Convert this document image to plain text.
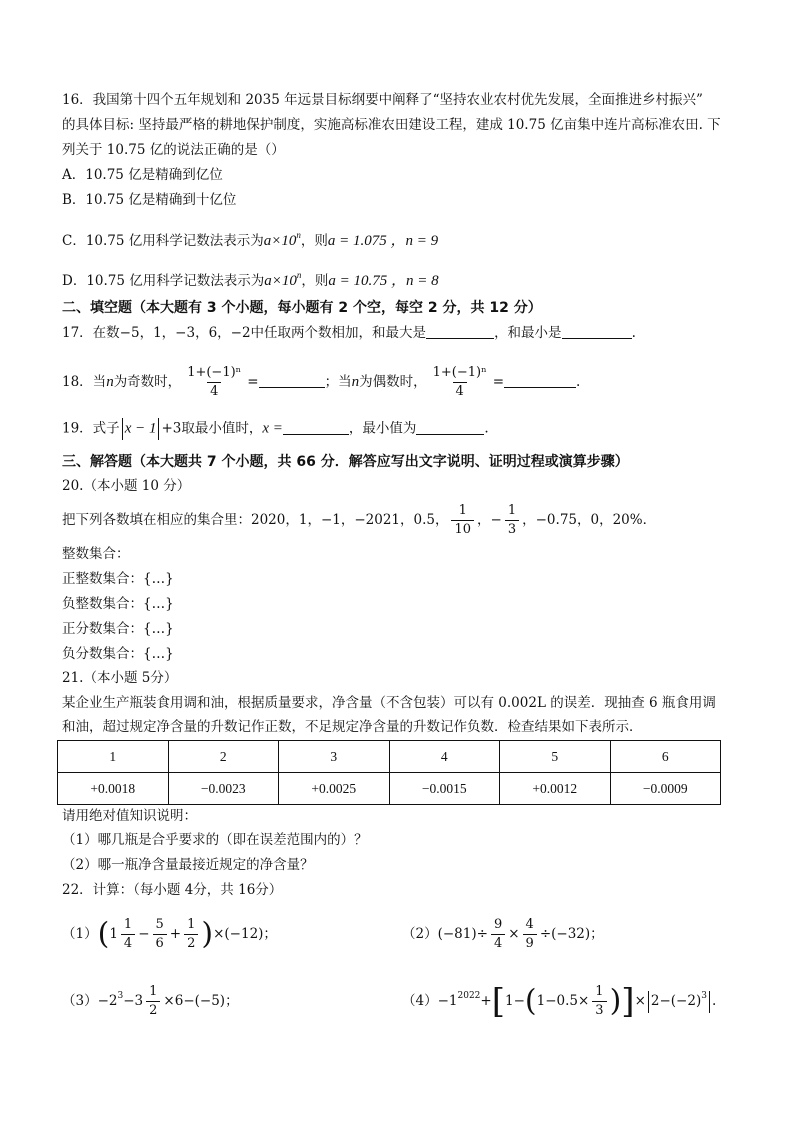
16．我国第十四个五年规划和 2035 年远景目标纲要中阐释了“坚持农业农村优先发展，全面推进乡村振兴”
的具体目标: 坚持最严格的耕地保护制度，实施高标准农田建设工程，建成 10.75 亿亩集中连片高标准农田. 下
列关于 10.75 亿的说法正确的是（）
A．10.75 亿是精确到亿位
B．10.75 亿是精确到十亿位
C．10.75 亿用科学记数法表示为$a\times 10^n$，则a = 1.075 ，n = 9
D．10.75 亿用科学记数法表示为$a\times 10^n$，则a = 10.75 ，n = 8
二、填空题（本大题有 3 个小题，每小题有 2 个空，每空 2 分，共 12 分）
17．在数−5，1，−3，6，−2中任取两个数相加，和最大是	，和最小是	.
18．当n为奇数时， $\frac{\text{1+(−1)ⁿ}}{4}$ =	；当n为偶数时， $\frac{\text{1+(−1)ⁿ}}{4}$ =	.
19．式子 x − 1 +3取最小值时，x =	，最小值为	.
三、解答题（本大题共 7 个小题，共 66 分．解答应写出文字说明、证明过程或演算步骤）
20.（本小题 10 分）
把下列各数填在相应的集合里：2020，1，−1，−2021，0.5， $\frac{1}{10}$ ，− $\frac{1}{3}$ ，−0.75，0，20%．
整数集合：
正整数集合：{…}
负整数集合：{…}
正分数集合：{…}
负分数集合：{…}
21.（本小题 5分）
某企业生产瓶装食用调和油，根据质量要求，净含量（不含包装）可以有 0.002L 的误差．现抽查 6 瓶食用调
和油，超过规定净含量的升数记作正数，不足规定净含量的升数记作负数．检查结果如下表所示．
1	2	3	4	5	6
+0.0018	−0.0023	+0.0025	−0.0015	+0.0012	−0.0009
请用绝对值知识说明：
（1）哪几瓶是合乎要求的（即在误差范围内的）？
（2）哪一瓶净含量最接近规定的净含量？
22．计算：（每小题 4分，共 16分）
$(1)(1 \frac{1}{4} - \frac{5}{6} + \frac{1}{2} )\times(-12)$；	$(2)(-81)\div \frac{9}{4} \times \frac{4}{9} \div(-32)$；
$(3)-2^3-3 \frac{1}{2} \times 6-(-5)$；	$(4)-1^{2022}+[1-(1-0.5\times \frac{1}{3}$ )]× $2-(-2)^3$ .
